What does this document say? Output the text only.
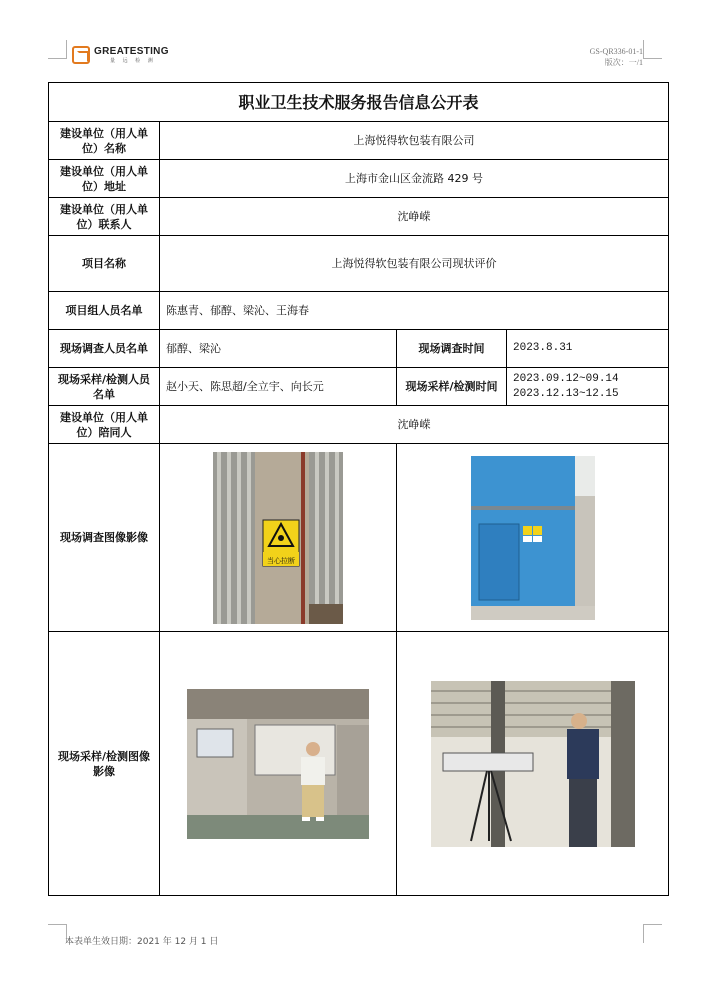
GREATESTING
量 远 检 测
GS-QR336-01-1
版次：一/1
职业卫生技术服务报告信息公开表			
建设单位（用人单位）名称	上海悦得软包装有限公司		
建设单位（用人单位）地址	上海市金山区金流路 429 号		
建设单位（用人单位）联系人	沈峥嵘		
项目名称	上海悦得软包装有限公司现状评价		
项目组人员名单	陈惠青、郁醇、梁沁、王海春		
现场调查人员名单	郁醇、梁沁	现场调查时间	2023.8.31
现场采样/检测人员名单	赵小天、陈思超/全立宇、向长元	现场采样/检测时间	2023.09.12~09.14
2023.12.13~12.15

建设单位（用人单位）陪同人	沈峥嵘		
现场调查图像影像	当心拉断

现场采样/检测图像影像		
本表单生效日期：2021 年 12 月 1 日
